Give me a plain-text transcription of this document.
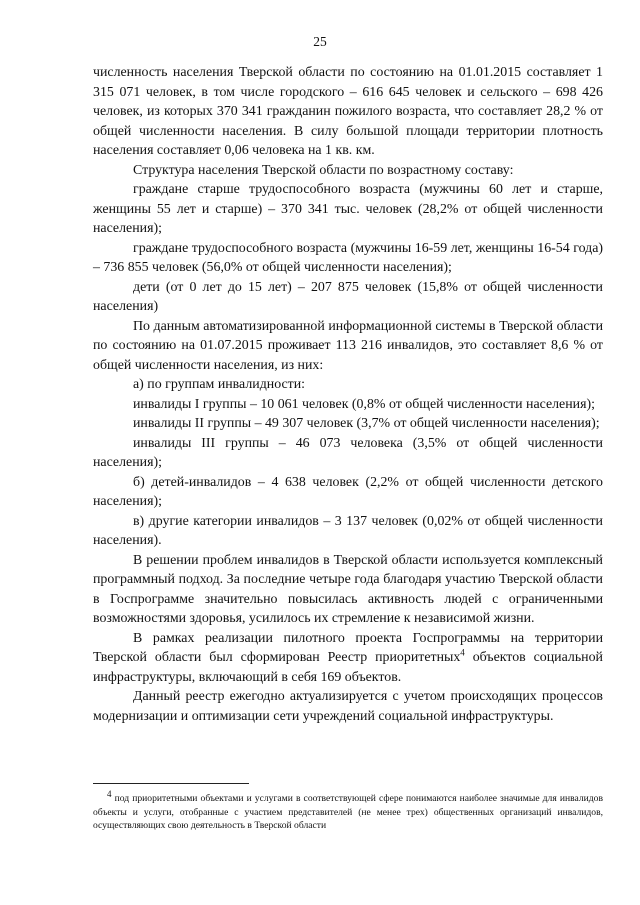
25

численность населения Тверской области по состоянию на 01.01.2015 составляет 1 315 071 человек, в том числе городского – 616 645 человек и сельского – 698 426 человек, из которых 370 341 гражданин пожилого возраста, что составляет 28,2 % от общей численности населения. В силу большой площади территории плотность населения составляет 0,06 человека на 1 кв. км.

Структура населения Тверской области по возрастному составу:

граждане старше трудоспособного возраста (мужчины 60 лет и старше, женщины 55 лет и старше) – 370 341 тыс. человек (28,2% от общей численности населения);

граждане трудоспособного возраста (мужчины 16-59 лет, женщины 16-54 года) – 736 855 человек (56,0% от общей численности населения);

дети (от 0 лет до 15 лет) – 207 875 человек (15,8% от общей численности населения)

По данным автоматизированной информационной системы в Тверской области по состоянию на 01.07.2015 проживает 113 216 инвалидов, это составляет 8,6 % от общей численности населения, из них:

а) по группам инвалидности:

инвалиды I группы – 10 061 человек (0,8% от общей численности населения);

инвалиды II группы – 49 307 человек (3,7% от общей численности населения);

инвалиды III группы – 46 073 человека (3,5% от общей численности населения);

б) детей-инвалидов – 4 638 человек (2,2% от общей численности детского населения);

в) другие категории инвалидов – 3 137 человек (0,02% от общей численности населения).

В решении проблем инвалидов в Тверской области используется комплексный программный подход. За последние четыре года благодаря участию Тверской области в Госпрограмме значительно повысилась активность людей с ограниченными возможностями здоровья, усилилось их стремление к независимой жизни.

В рамках реализации пилотного проекта Госпрограммы на территории Тверской области был сформирован Реестр приоритетных$^4$ объектов социальной инфраструктуры, включающий в себя 169 объектов.

Данный реестр ежегодно актуализируется с учетом происходящих процессов модернизации и оптимизации сети учреждений социальной инфраструктуры.

$^4$ под приоритетными объектами и услугами в соответствующей сфере понимаются наиболее значимые для инвалидов объекты и услуги, отобранные с участием представителей (не менее трех) общественных организаций инвалидов, осуществляющих свою деятельность в Тверской области
